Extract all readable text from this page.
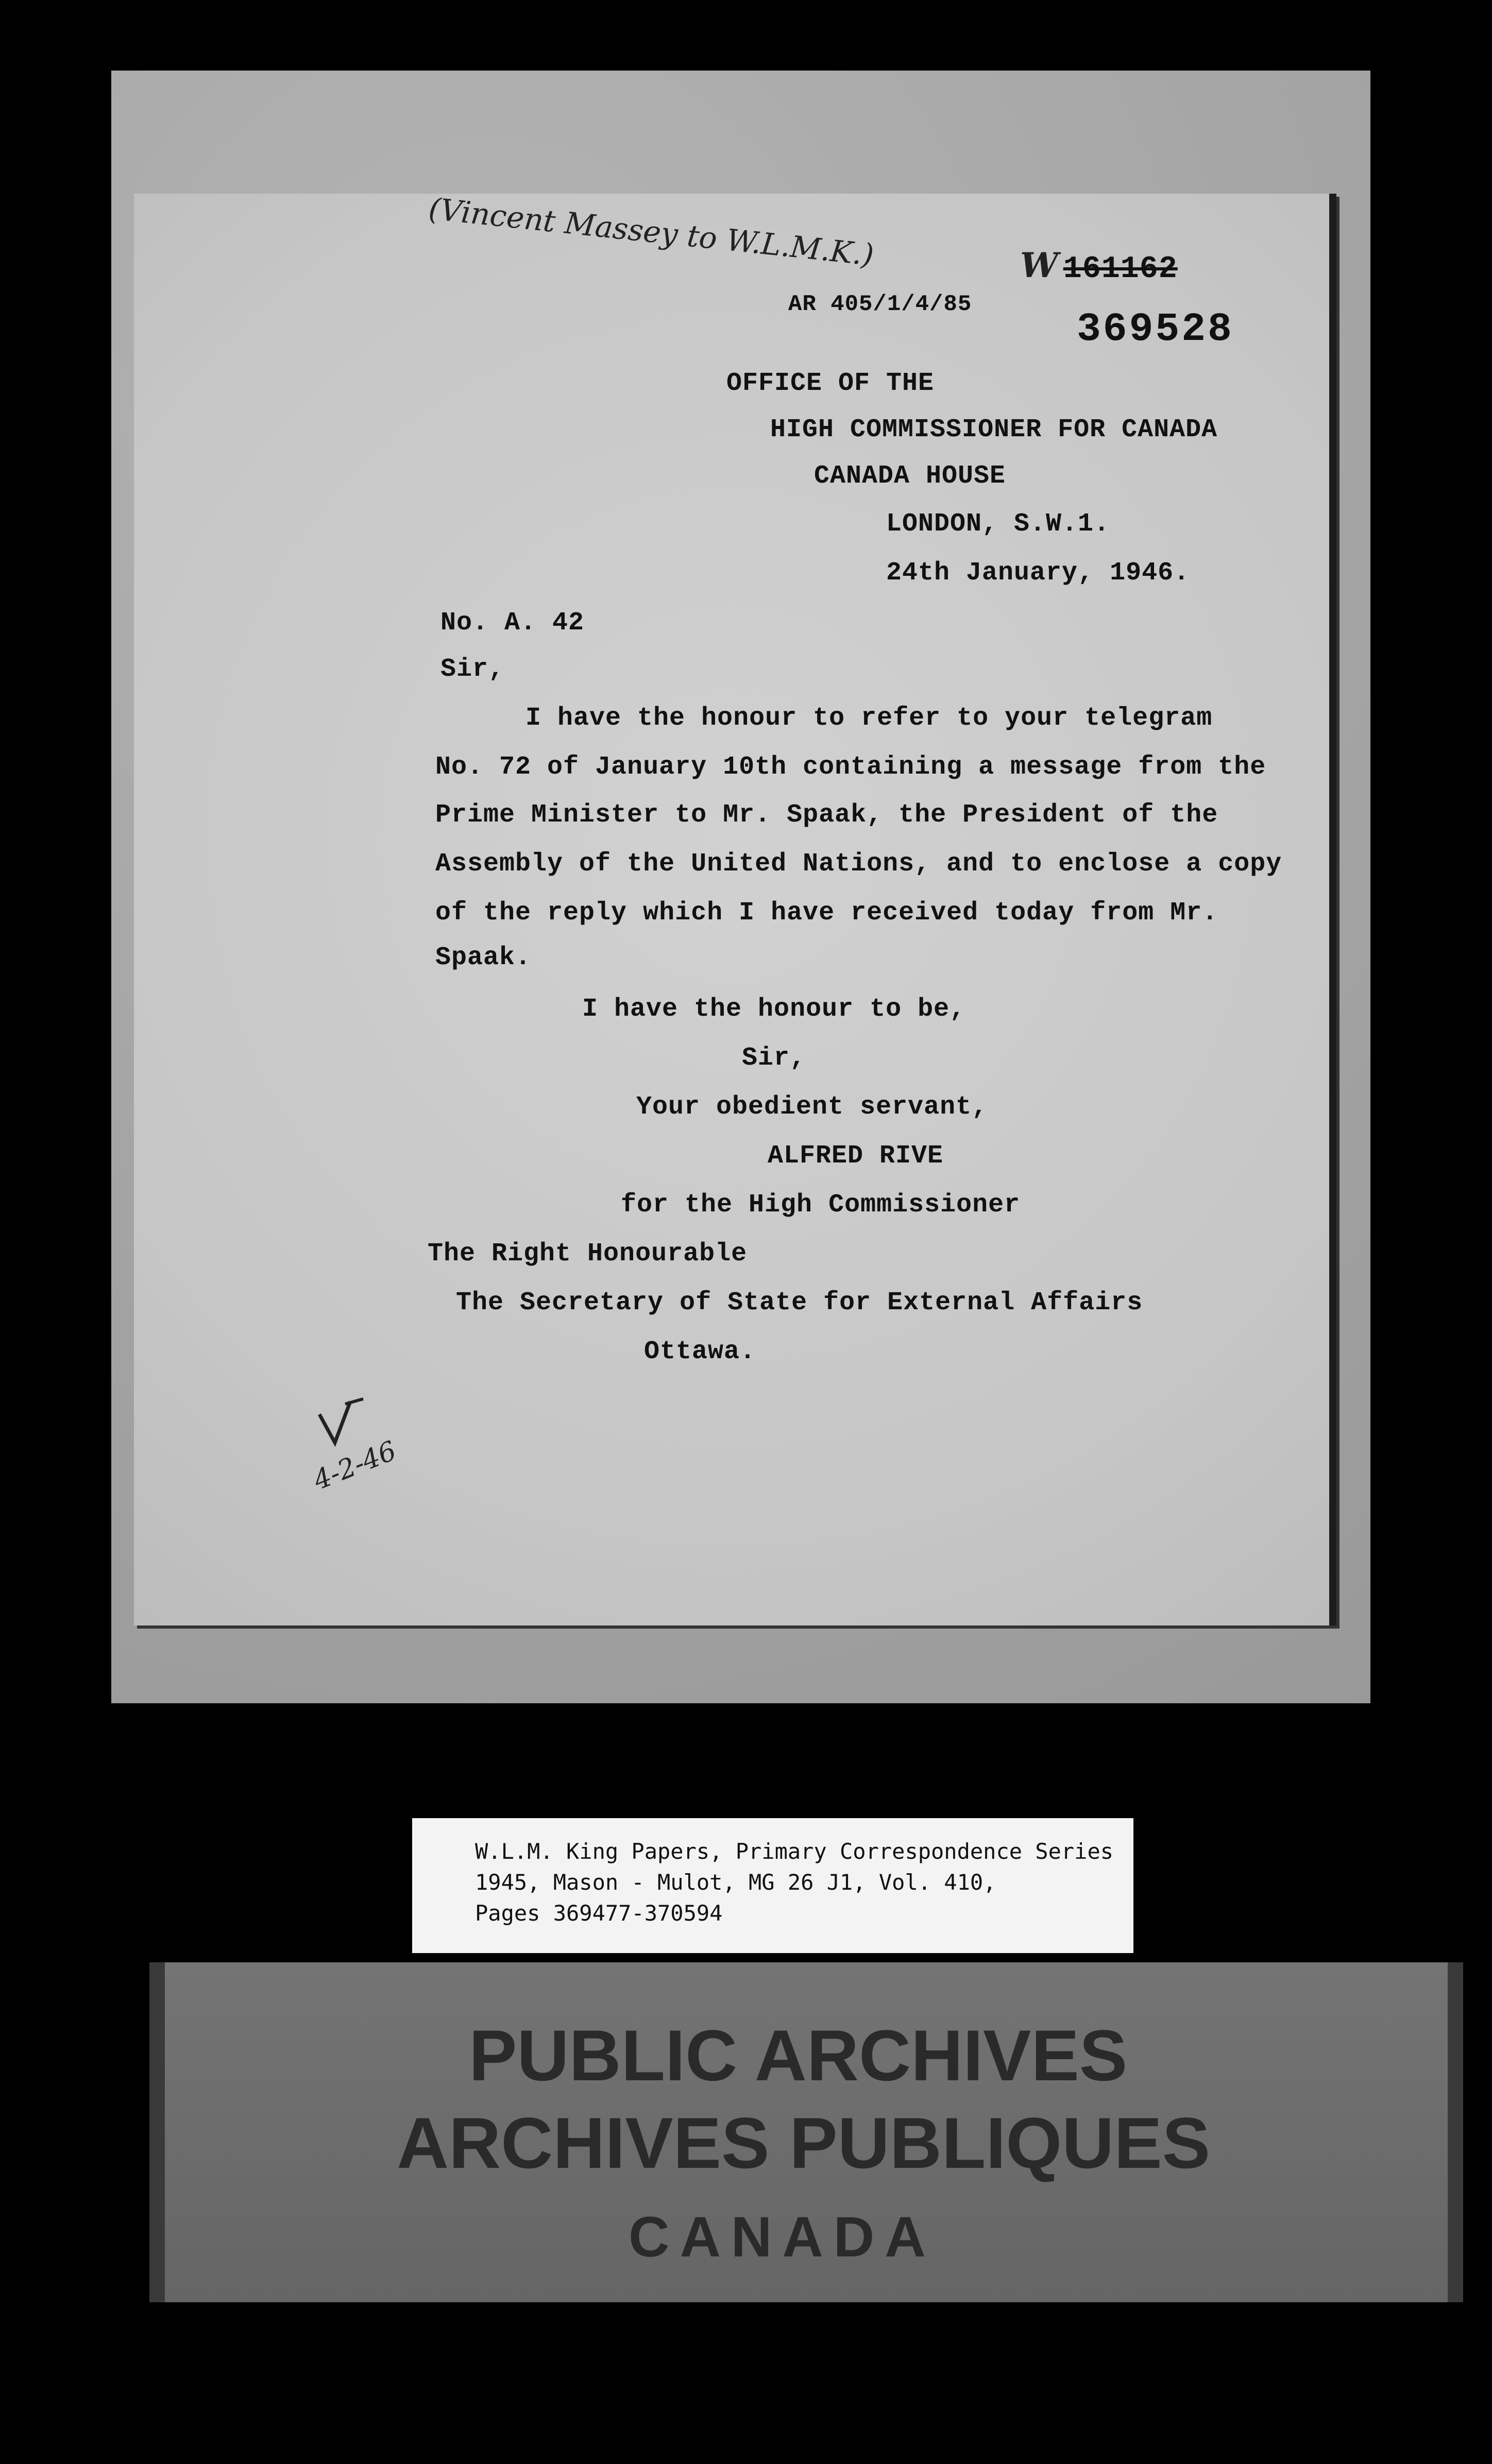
(Vincent Massey to W.L.M.K.)
AR 405/1/4/85
W 161162
369528
OFFICE OF THE
HIGH COMMISSIONER FOR CANADA
CANADA HOUSE
LONDON, S.W.1.
24th January, 1946.
No. A. 42
Sir,
I have the honour to refer to your telegram
No. 72 of January 10th containing a message from the
Prime Minister to Mr. Spaak, the President of the
Assembly of the United Nations, and to enclose a copy
of the reply which I have received today from Mr.
Spaak.
I have the honour to be,
Sir,
Your obedient servant,
ALFRED RIVE
for the High Commissioner
The Right Honourable
The Secretary of State for External Affairs
Ottawa.
4-2-46
W.L.M. King Papers, Primary Correspondence Series
1945, Mason - Mulot, MG 26 J1, Vol. 410,
Pages 369477-370594
PUBLIC ARCHIVES
ARCHIVES PUBLIQUES
CANADA
